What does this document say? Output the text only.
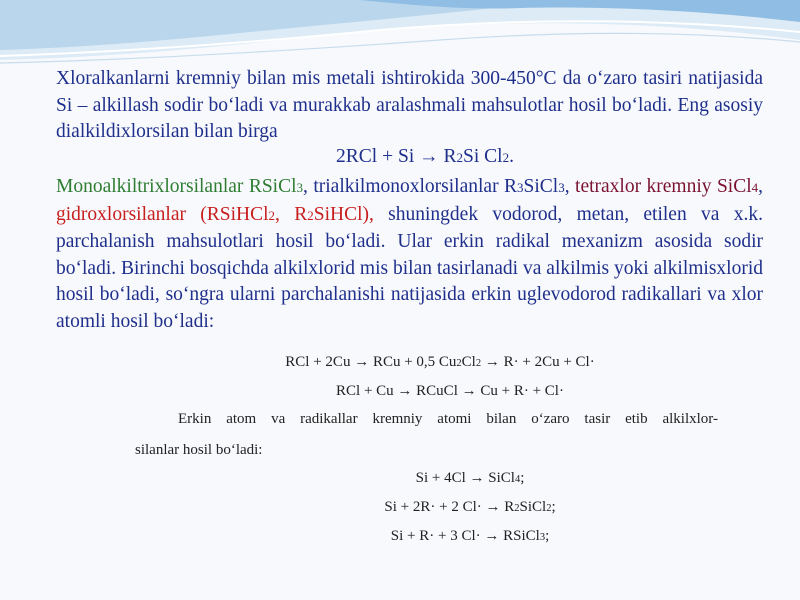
Xloralkanlarni kremniy bilan mis metali ishtirokida 300-450°C da o‘zaro tasiri natijasida Si – alkillash sodir bo‘ladi va murakkab aralashmali mahsulotlar hosil bo‘ladi. Eng asosiy dialkildixlorsilan bilan birga
2RCl + Si → R2Si Cl2.
Monoalkiltrixlorsilanlar RSiCl3, trialkilmonoxlorsilanlar R3SiCl3, tetraxlor kremniy SiCl4, gidroxlorsilanlar (RSiHCl2, R2SiHCl), shuningdek vodorod, metan, etilen va x.k. parchalanish mahsulotlari hosil bo‘ladi. Ular erkin radikal mexanizm asosida sodir bo‘ladi. Birinchi bosqichda alkilxlorid mis bilan tasirlanadi va alkilmis yoki alkilmisxlorid hosil bo‘ladi, so‘ngra ularni parchalanishi natijasida erkin uglevodorod radikallari va xlor atomli hosil bo‘ladi:
RCl + 2Cu → RCu + 0,5 Cu2Cl2 → R· + 2Cu + Cl·
RCl + Cu → RCuCl → Cu + R· + Cl·
Erkin atom va radikallar kremniy atomi bilan o‘zaro tasir etib alkilxlor-
silanlar hosil bo‘ladi:
Si + 4Cl → SiCl4;
Si + 2R· + 2 Cl· → R2SiCl2;
Si + R· + 3 Cl· → RSiCl3;
